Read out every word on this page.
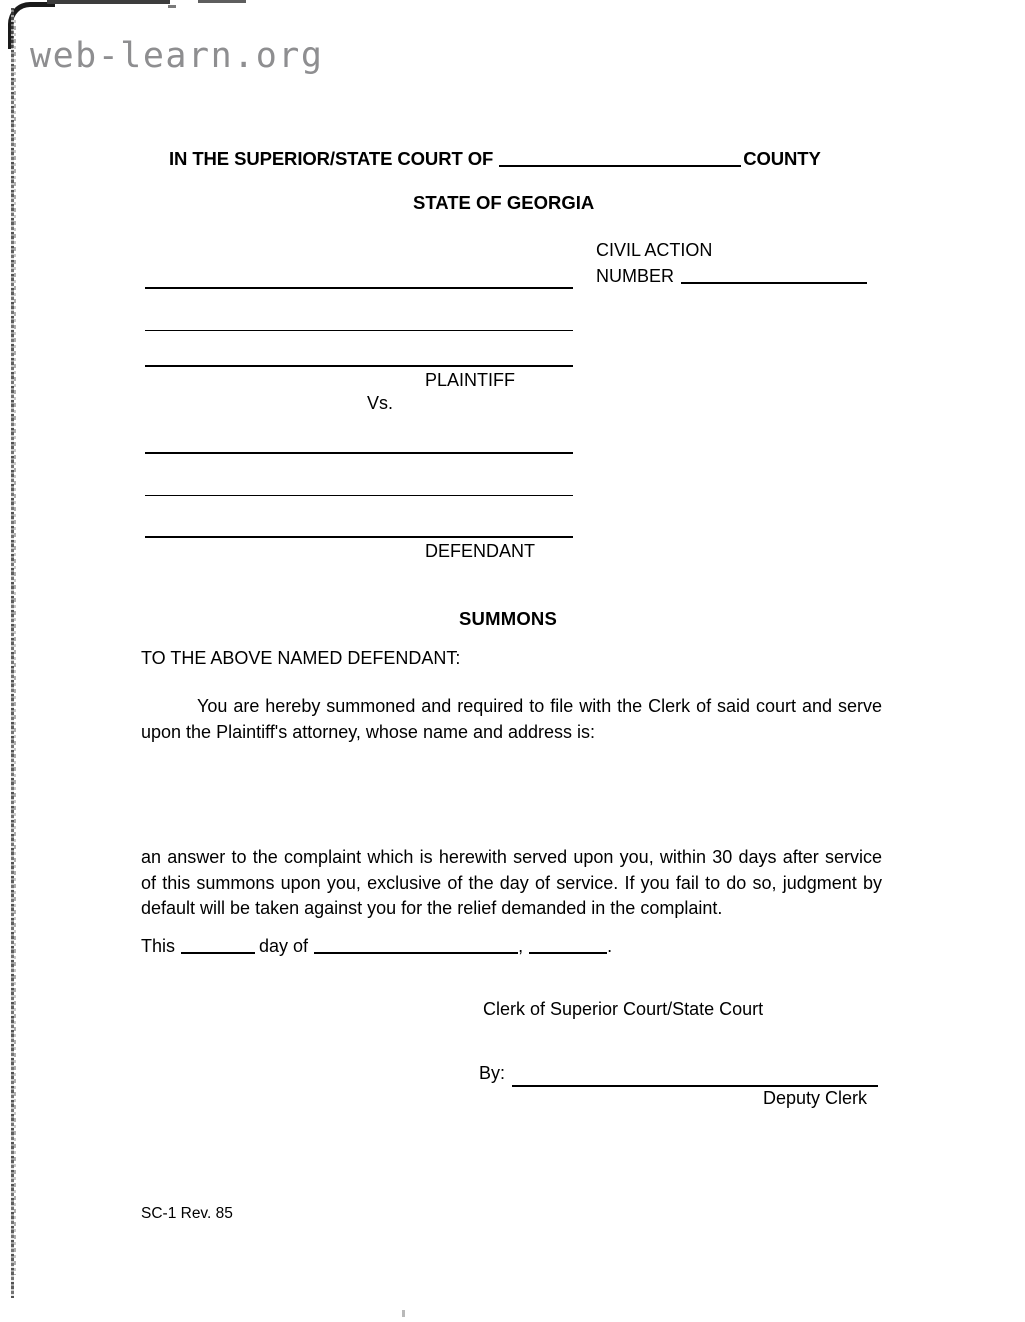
web-learn.org
IN THE SUPERIOR/STATE COURT OF	COUNTY
STATE OF GEORGIA
CIVIL ACTION
NUMBER
PLAINTIFF
Vs.
DEFENDANT
SUMMONS
TO THE ABOVE NAMED DEFENDANT:
You are hereby summoned and required to file with the Clerk of said court and serve upon the Plaintiff's attorney, whose name and address is:
an answer to the complaint which is herewith served upon you, within 30 days after service of this summons upon you, exclusive of the day of service. If you fail to do so, judgment by default will be taken against you for the relief demanded in the complaint.
This	day of	,	.
Clerk of Superior Court/State Court
By:
Deputy Clerk
SC-1 Rev. 85
